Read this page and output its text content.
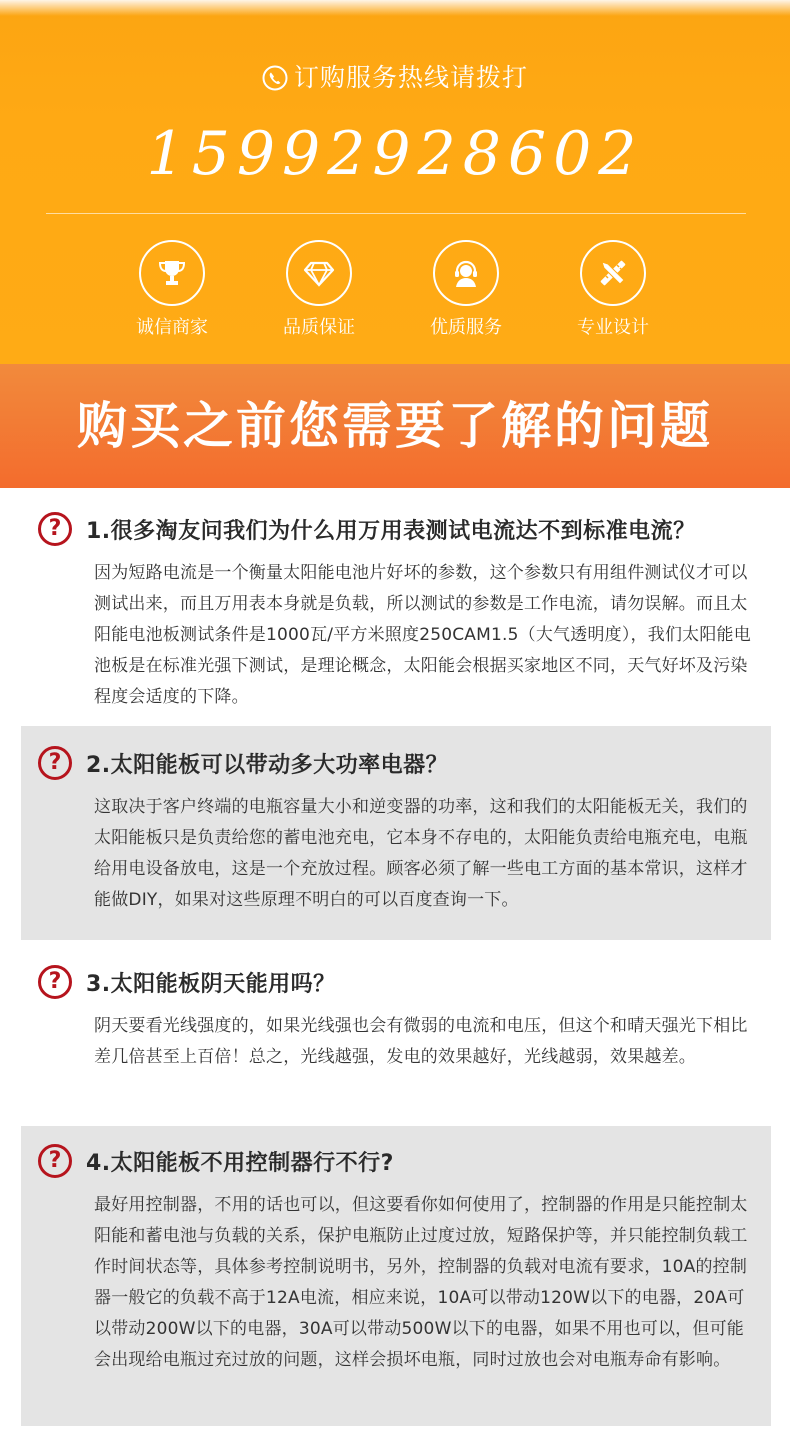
订购服务热线请拨打
15992928602
诚信商家	品质保证	优质服务	专业设计
购买之前您需要了解的问题
?	1.很多淘友问我们为什么用万用表测试电流达不到标准电流？
因为短路电流是一个衡量太阳能电池片好坏的参数，这个参数只有用组件测试仪才可以测试出来，而且万用表本身就是负载，所以测试的参数是工作电流，请勿误解。而且太阳能电池板测试条件是1000瓦/平方米照度250CAM1.5（大气透明度），我们太阳能电池板是在标准光强下测试，是理论概念，太阳能会根据买家地区不同，天气好坏及污染程度会适度的下降。
?	2.太阳能板可以带动多大功率电器？
这取决于客户终端的电瓶容量大小和逆变器的功率，这和我们的太阳能板无关，我们的太阳能板只是负责给您的蓄电池充电，它本身不存电的，太阳能负责给电瓶充电，电瓶给用电设备放电，这是一个充放过程。顾客必须了解一些电工方面的基本常识，这样才能做DIY，如果对这些原理不明白的可以百度查询一下。
?	3.太阳能板阴天能用吗？
阴天要看光线强度的，如果光线强也会有微弱的电流和电压，但这个和晴天强光下相比差几倍甚至上百倍！总之，光线越强，发电的效果越好，光线越弱，效果越差。
?	4.太阳能板不用控制器行不行?
最好用控制器，不用的话也可以，但这要看你如何使用了，控制器的作用是只能控制太阳能和蓄电池与负载的关系，保护电瓶防止过度过放，短路保护等，并只能控制负载工作时间状态等，具体参考控制说明书，另外，控制器的负载对电流有要求，10A的控制器一般它的负载不高于12A电流，相应来说，10A可以带动120W以下的电器，20A可以带动200W以下的电器，30A可以带动500W以下的电器，如果不用也可以，但可能会出现给电瓶过充过放的问题，这样会损坏电瓶，同时过放也会对电瓶寿命有影响。
